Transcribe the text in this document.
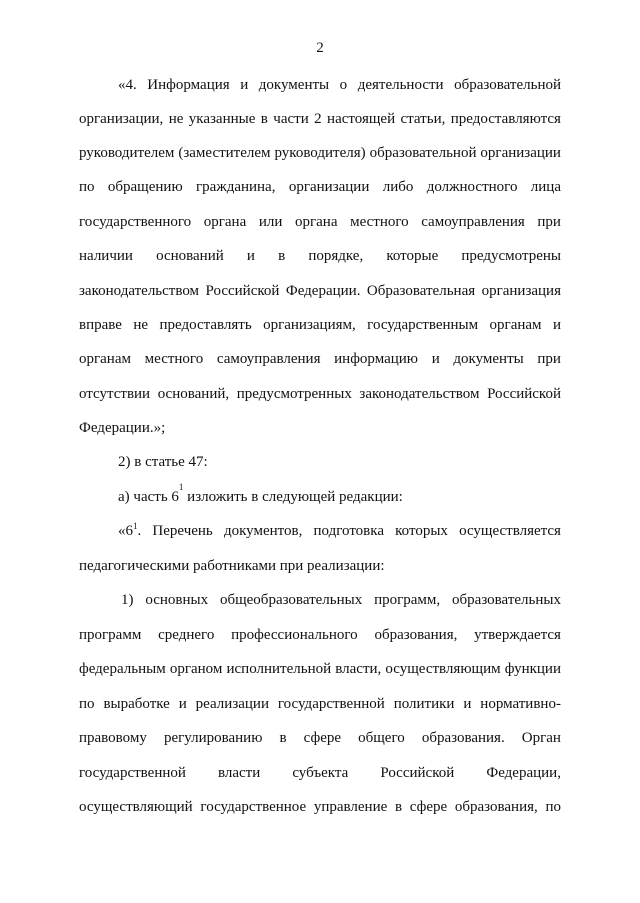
2
«4. Информация и документы о деятельности образовательной
организации, не указанные в части 2 настоящей статьи, предоставляются
руководителем (заместителем руководителя) образовательной организации
по обращению гражданина, организации либо должностного лица
государственного органа или органа местного самоуправления при
наличии оснований и в порядке, которые предусмотрены
законодательством Российской Федерации. Образовательная организация
вправе не предоставлять организациям, государственным органам и
органам местного самоуправления информацию и документы при
отсутствии оснований, предусмотренных законодательством Российской
Федерации.»;
2) в статье 47:
а) часть 6
1
изложить в следующей редакции:
«$6^1$. Перечень документов, подготовка которых осуществляется
педагогическими работниками при реализации:
1) основных общеобразовательных программ, образовательных
программ среднего профессионального образования, утверждается
федеральным органом исполнительной власти, осуществляющим функции
по выработке и реализации государственной политики и нормативно-
правовому регулированию в сфере общего образования. Орган
государственной власти субъекта Российской Федерации,
осуществляющий государственное управление в сфере образования, по
